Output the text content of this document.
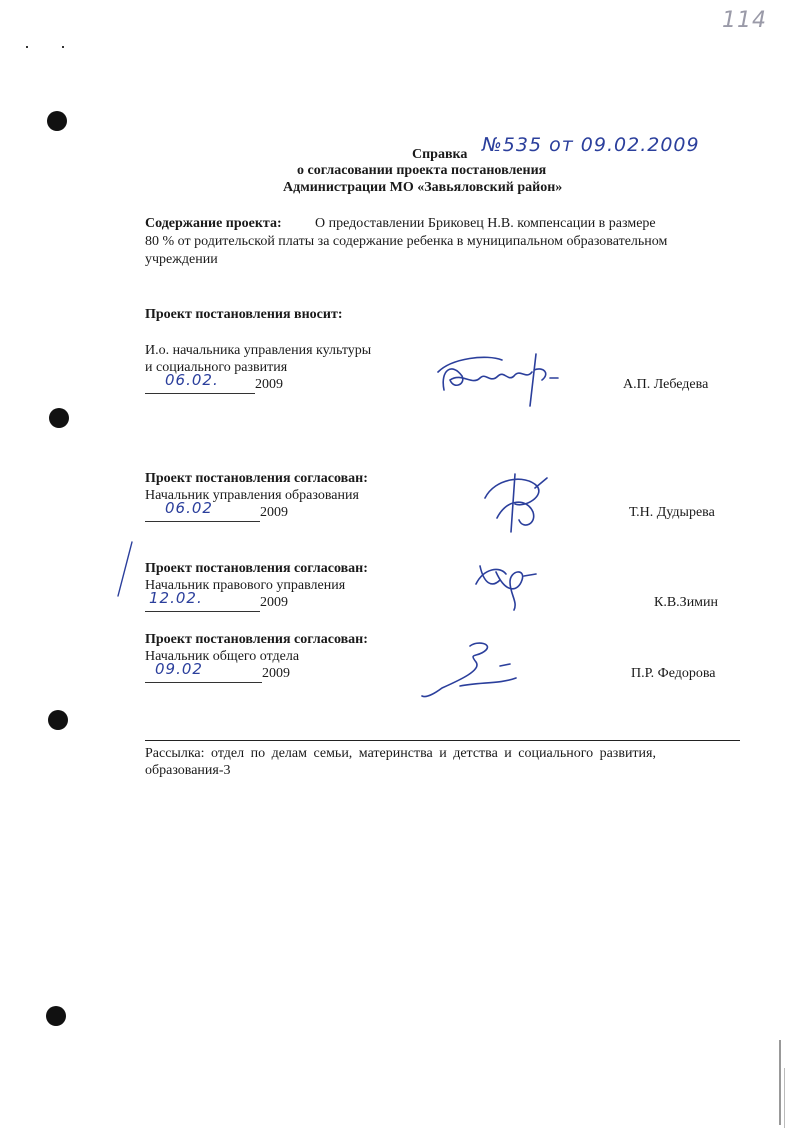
114
Справка №535 от 09.02.2009
о согласовании проекта постановления
Администрации МО «Завьяловский район»
Содержание проекта: О предоставлении Бриковец Н.В. компенсации в размере
80 % от родительской платы за содержание ребенка в муниципальном образовательном
учреждении
Проект постановления вносит:
И.о. начальника управления культуры
и социального развития
06.02.	2009	А.П. Лебедева
Проект постановления согласован:
Начальник управления образования
06.02	2009	Т.Н. Дудырева
Проект постановления согласован:
Начальник правового управления
12.02.	2009	К.В.Зимин
Проект постановления согласован:
Начальник общего отдела
09.02	2009	П.Р. Федорова
Рассылка: отдел по делам семьи, материнства и детства и социального развития,
образования-3
